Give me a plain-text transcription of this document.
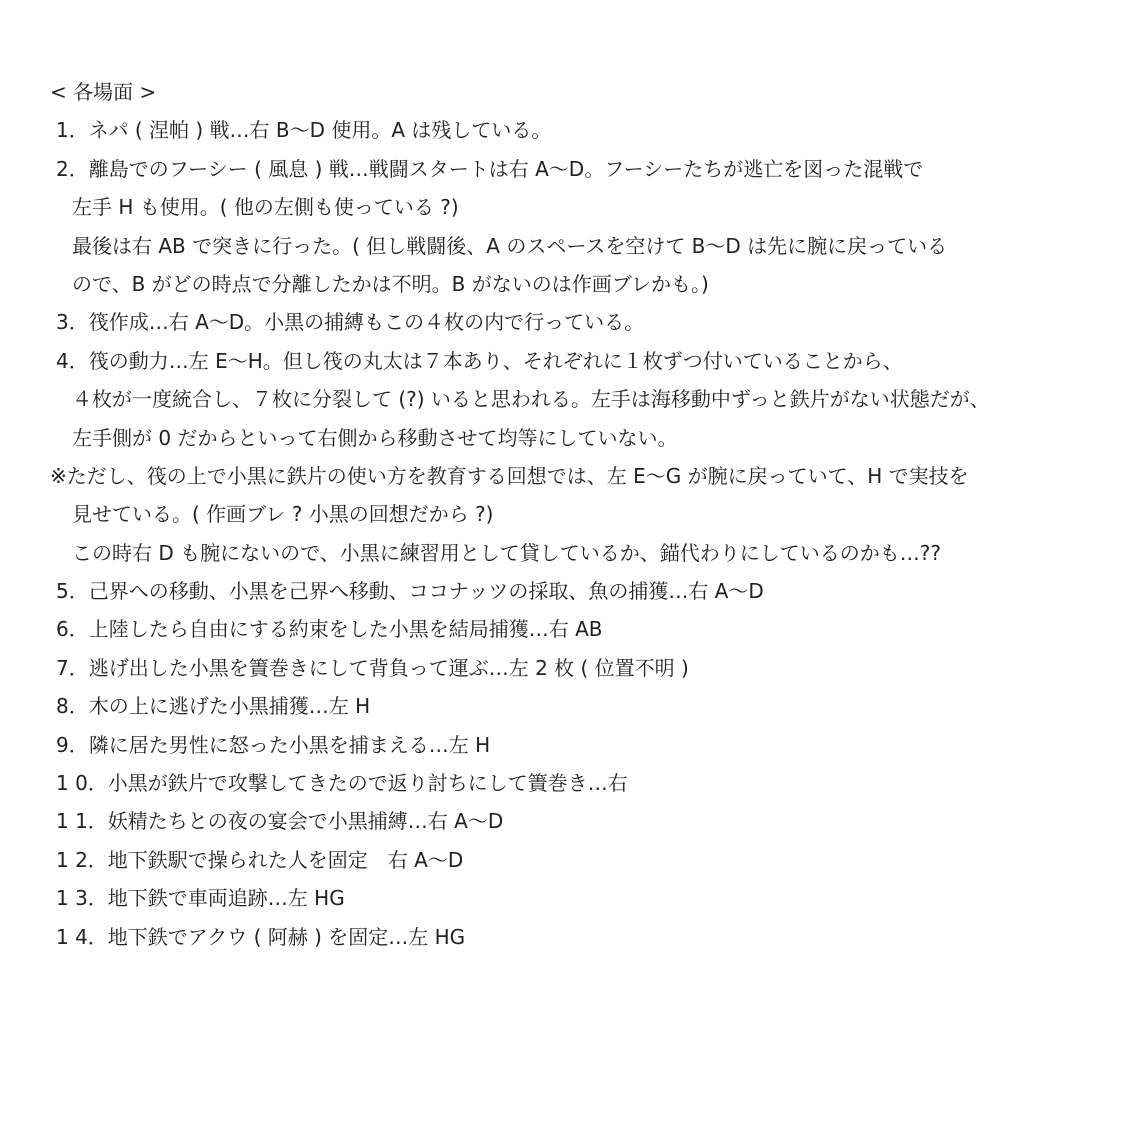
< 各場面 >
1．ネパ ( 涅帕 ) 戦…右 B〜D 使用。A は残している。
2．離島でのフーシー ( 風息 ) 戦…戦闘スタートは右 A〜D。フーシーたちが逃亡を図った混戦で
左手 H も使用。( 他の左側も使っている ?)
最後は右 AB で突きに行った。( 但し戦闘後、A のスペースを空けて B〜D は先に腕に戻っている
ので、B がどの時点で分離したかは不明。B がないのは作画ブレかも。)
3．筏作成…右 A〜D。小黒の捕縛もこの４枚の内で行っている。
4．筏の動力…左 E〜H。但し筏の丸太は７本あり、それぞれに１枚ずつ付いていることから、
４枚が一度統合し、７枚に分裂して (?) いると思われる。左手は海移動中ずっと鉄片がない状態だが、
左手側が 0 だからといって右側から移動させて均等にしていない。
※ただし、筏の上で小黒に鉄片の使い方を教育する回想では、左 E〜G が腕に戻っていて、H で実技を
見せている。( 作画ブレ ? 小黒の回想だから ?)
この時右 D も腕にないので、小黒に練習用として貸しているか、錨代わりにしているのかも…??
5．己界への移動、小黒を己界へ移動、ココナッツの採取、魚の捕獲…右 A〜D
6．上陸したら自由にする約束をした小黒を結局捕獲…右 AB
7．逃げ出した小黒を簀巻きにして背負って運ぶ…左 2 枚 ( 位置不明 )
8．木の上に逃げた小黒捕獲…左 H
9．隣に居た男性に怒った小黒を捕まえる…左 H
1 0．小黒が鉄片で攻撃してきたので返り討ちにして簀巻き…右
1 1．妖精たちとの夜の宴会で小黒捕縛…右 A〜D
1 2．地下鉄駅で操られた人を固定　右 A〜D
1 3．地下鉄で車両追跡…左 HG
1 4．地下鉄でアクウ ( 阿赫 ) を固定…左 HG
